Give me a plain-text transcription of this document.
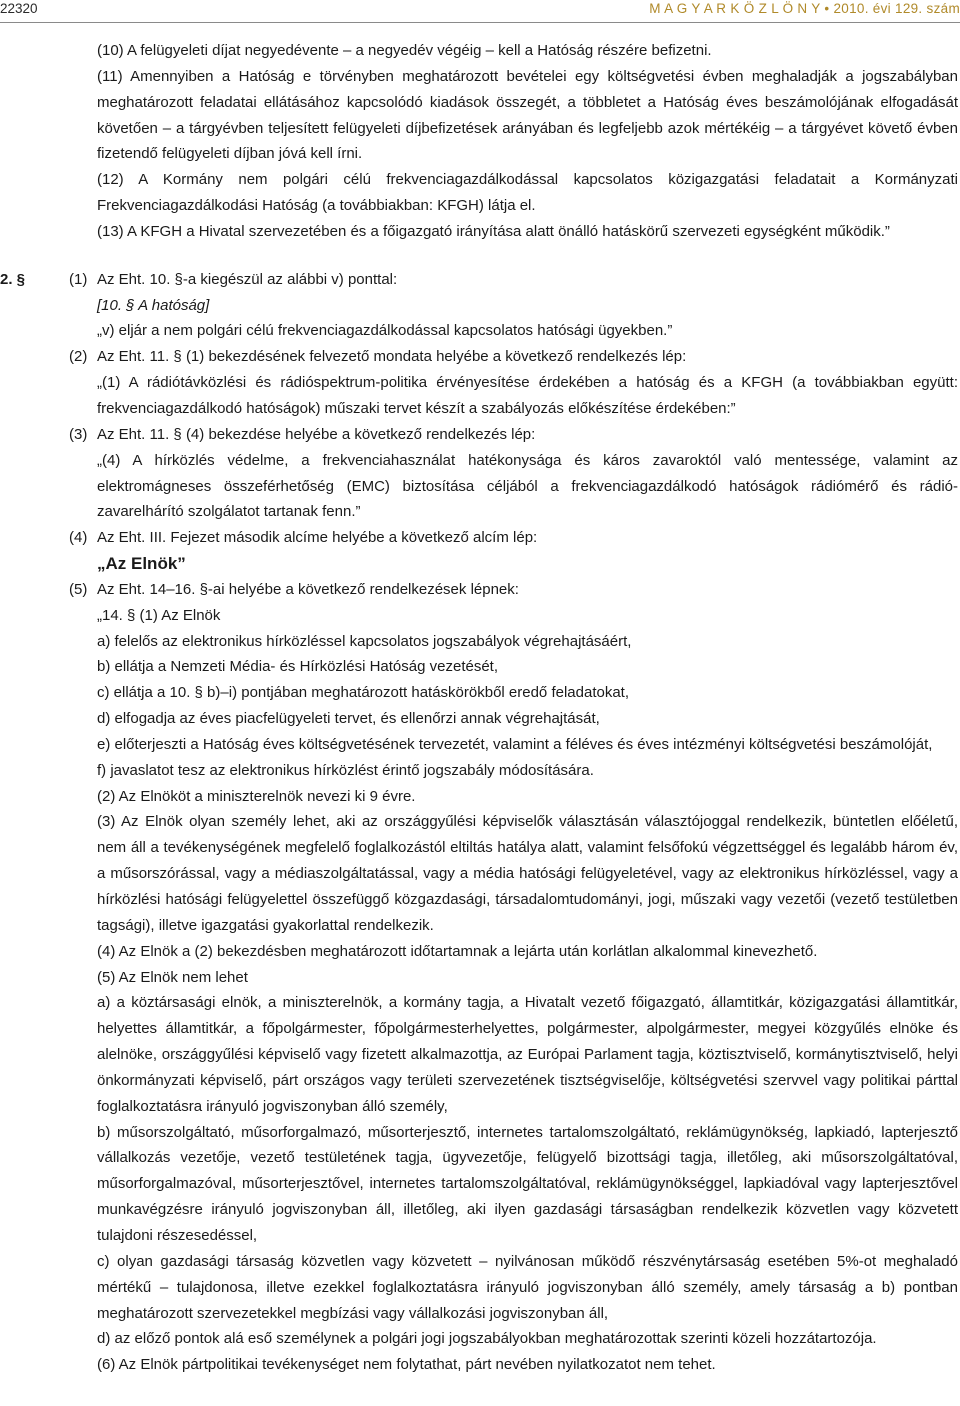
22320	M A G Y A R K Ö Z L Ö N Y • 2010. évi 129. szám

(10) A felügyeleti díjat negyedévente – a negyedév végéig – kell a Hatóság részére befizetni.

(11) Amennyiben a Hatóság e törvényben meghatározott bevételei egy költségvetési évben meghaladják a jogszabályban meghatározott feladatai ellátásához kapcsolódó kiadások összegét, a többletet a Hatóság éves beszámolójának elfogadását követően – a tárgyévben teljesített felügyeleti díjbefizetések arányában és legfeljebb azok mértékéig – a tárgyévet követő évben fizetendő felügyeleti díjban jóvá kell írni.

(12) A Kormány nem polgári célú frekvenciagazdálkodással kapcsolatos közigazgatási feladatait a Kormányzati Frekvenciagazdálkodási Hatóság (a továbbiakban: KFGH) látja el.

(13) A KFGH a Hivatal szervezetében és a főigazgató irányítása alatt önálló hatáskörű szervezeti egységként működik.”

2. §	(1) Az Eht. 10. §-a kiegészül az alábbi v) ponttal:

[10. § A hatóság]

„v) eljár a nem polgári célú frekvenciagazdálkodással kapcsolatos hatósági ügyekben.”

(2) Az Eht. 11. § (1) bekezdésének felvezető mondata helyébe a következő rendelkezés lép:

„(1) A rádiótávközlési és rádióspektrum-politika érvényesítése érdekében a hatóság és a KFGH (a továbbiakban együtt: frekvenciagazdálkodó hatóságok) műszaki tervet készít a szabályozás előkészítése érdekében:”

(3) Az Eht. 11. § (4) bekezdése helyébe a következő rendelkezés lép:

„(4) A hírközlés védelme, a frekvenciahasználat hatékonysága és káros zavaroktól való mentessége, valamint az elektromágneses összeférhetőség (EMC) biztosítása céljából a frekvenciagazdálkodó hatóságok rádiómérő és rádió-zavarelhárító szolgálatot tartanak fenn.”

(4) Az Eht. III. Fejezet második alcíme helyébe a következő alcím lép:

„Az Elnök”

(5) Az Eht. 14–16. §-ai helyébe a következő rendelkezések lépnek:

„14. § (1) Az Elnök

a) felelős az elektronikus hírközléssel kapcsolatos jogszabályok végrehajtásáért,

b) ellátja a Nemzeti Média- és Hírközlési Hatóság vezetését,

c) ellátja a 10. § b)–i) pontjában meghatározott hatáskörökből eredő feladatokat,

d) elfogadja az éves piacfelügyeleti tervet, és ellenőrzi annak végrehajtását,

e) előterjeszti a Hatóság éves költségvetésének tervezetét, valamint a féléves és éves intézményi költségvetési beszámolóját,

f) javaslatot tesz az elektronikus hírközlést érintő jogszabály módosítására.

(2) Az Elnököt a miniszterelnök nevezi ki 9 évre.

(3) Az Elnök olyan személy lehet, aki az országgyűlési képviselők választásán választójoggal rendelkezik, büntetlen előéletű, nem áll a tevékenységének megfelelő foglalkozástól eltiltás hatálya alatt, valamint felsőfokú végzettséggel és legalább három év, a műsorszórással, vagy a médiaszolgáltatással, vagy a média hatósági felügyeletével, vagy az elektronikus hírközléssel, vagy a hírközlési hatósági felügyelettel összefüggő közgazdasági, társadalomtudományi, jogi, műszaki vagy vezetői (vezető testületben tagsági), illetve igazgatási gyakorlattal rendelkezik.

(4) Az Elnök a (2) bekezdésben meghatározott időtartamnak a lejárta után korlátlan alkalommal kinevezhető.

(5) Az Elnök nem lehet

a) a köztársasági elnök, a miniszterelnök, a kormány tagja, a Hivatalt vezető főigazgató, államtitkár, közigazgatási államtitkár, helyettes államtitkár, a főpolgármester, főpolgármesterhelyettes, polgármester, alpolgármester, megyei közgyűlés elnöke és alelnöke, országgyűlési képviselő vagy fizetett alkalmazottja, az Európai Parlament tagja, köztisztviselő, kormánytisztviselő, helyi önkormányzati képviselő, párt országos vagy területi szervezetének tisztségviselője, költségvetési szervvel vagy politikai párttal foglalkoztatásra irányuló jogviszonyban álló személy,

b) műsorszolgáltató, műsorforgalmazó, műsorterjesztő, internetes tartalomszolgáltató, reklámügynökség, lapkiadó, lapterjesztő vállalkozás vezetője, vezető testületének tagja, ügyvezetője, felügyelő bizottsági tagja, illetőleg, aki műsorszolgáltatóval, műsorforgalmazóval, műsorterjesztővel, internetes tartalomszolgáltatóval, reklámügynökséggel, lapkiadóval vagy lapterjesztővel munkavégzésre irányuló jogviszonyban áll, illetőleg, aki ilyen gazdasági társaságban rendelkezik közvetlen vagy közvetett tulajdoni részesedéssel,

c) olyan gazdasági társaság közvetlen vagy közvetett – nyilvánosan működő részvénytársaság esetében 5%-ot meghaladó mértékű – tulajdonosa, illetve ezekkel foglalkoztatásra irányuló jogviszonyban álló személy, amely társaság a b) pontban meghatározott szervezetekkel megbízási vagy vállalkozási jogviszonyban áll,

d) az előző pontok alá eső személynek a polgári jogi jogszabályokban meghatározottak szerinti közeli hozzátartozója.

(6) Az Elnök pártpolitikai tevékenységet nem folytathat, párt nevében nyilatkozatot nem tehet.
